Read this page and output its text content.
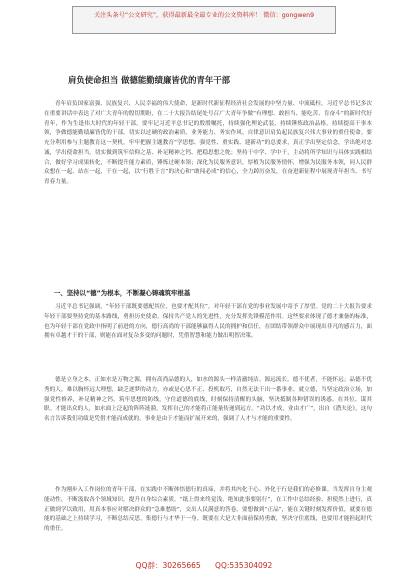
关注头条号“公文研究”，获得最新最全最专业的公文资料库！ 微信：gongwen9
肩负使命担当 做德能勤绩廉皆优的青年干部

青年肩负国家富强、民族复兴、人民幸福的伟大使命，是新时代新征程经济社会发展的中坚力量、中流砥柱。习近平总书记多次在重要讲话中表达了对广大青年的殷切期盼，在二十大报告结尾处号召广大青年争做“有理想、敢担当、能吃苦、肯奋斗”的新时代好青年，作为生逢伟大时代的年轻干部，要牢记习近平总书记的殷殷嘱托，持续强化理论武装，持续锤炼政治品格，持续提高干事本领，争做德能勤绩廉皆优的干部。切实以过硬的政治素质、业务能力、务实作风、自律意识肩负起民族复兴伟大事业的重任使命。要充分利用参与主题教育这一契机，牢牢把握主题教育“学思想、强党性、重实践、建新功”的总要求，真正学出坚定信念，学出绝对忠诚，学出使命担当。切实做到筑牢信仰之基、补足精神之钙、把稳思想之舵；坚持干中学、学中干，主动将所学知识与具体实践相结合，做好学习成果转化，不断提升能力素质，锤炼过硬本领；深化为民服务意识，厚植为民服务情怀，增强为民服务本领，同人民群众想在一起，站在一起，干在一起，以“行胜于言”的决心和“敢闯必成”的信心，全力踔厉奋发，在奋进新征程中展现青年担当、书写青春力量。

一、坚持以“德”为根本，不断凝心铸魂筑牢根基

习近平总书记强调，“年轻干部既要德配其位，也要才配其位”，对年轻干部在党的事业发展中寄予了厚望。党的二十大报告要求年轻干部要坚持党的基本路线，勇担历史使命，保持共产党人的先进性，充分发挥先锋模范作用。这些要求体现了德才兼备的标准，也为年轻干部在党政中指明了前进的方向，德行高尚的干部能够赢得人民的拥护和信任，在团结带领群众中展现出非凡的感召力，面拥有卓越才干的干部，则能在面对复杂多变的问题时，凭借智慧和能力做出明智决策。

德是立身之本，正如水是万物之源，拥有高尚品德的人，如水的源头一样清澈纯洁、源远流长。德不优者，不能怀远；品德不优秀的人，难以胸怀远大理想，缺乏逐梦的动力，亦或是心思不正、投机取巧，自然无法干出一番事业、就立德，当坚定政治立场，加强党性修养，补足精神之钙，筑牢思想的防线，守住道德的底线，时刻保持清醒的头脑，坚决抵制各种错误的诱惑。在其位、谋其职。才能出众的人，如水面上泛起的阵阵涟漪，发挥自己的才能将正能量传递到远方。“功以才成，业由才广”，出自《潜夫论》，这句名言告诉我们功绩是凭借才能而成就的，事业是由于才能而扩展开来的，强调了人才与才能的重要性。

作为刚步入工作岗位的青年干部，在实践中不断体悟德行的真谛，并将其内化于心、外化于行是我们的必修课。当发挥自身主观能动性，不断汲取各个领域知识，提升自身综合素质。“纸上得来终觉浅，绝知此事要躬行”，在工作中总结经验、担使然上进行，真正做到学以致用，用真本事应对解决群众的“急难愁盼”，交出人民满意的答卷。要想做到“正品”，能在关键时刻发挥价值，就要在德能的基础之上持续学习，不断总结反思，集德行与才华于一身。既要在大是大非面前保持勇敢，坚决守住底线，也要用才能担起时代的重任。

QQ群：30265665 QQ:535304092
